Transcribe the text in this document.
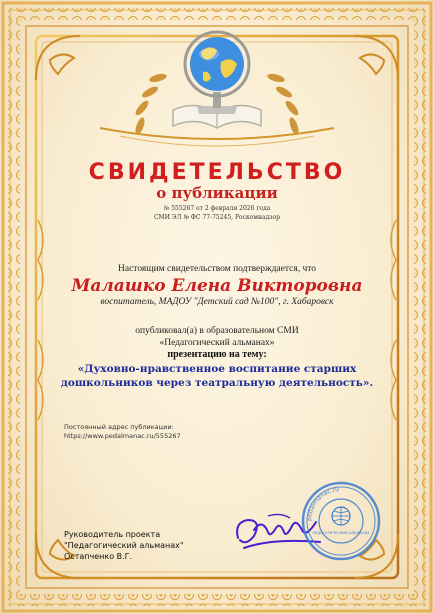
СВИДЕТЕЛЬСТВО
о публикации
№ 555267 от 2 февраля 2026 года
СМИ ЭЛ № ФС 77-75245, Роскомнадзор
Настоящим свидетельством подтверждается, что
Малашко Елена Викторовна
воспитатель, МАДОУ "Детский сад №100", г. Хабаровск
опубликовал(а) в образовательном СМИ
«Педагогический альманах»
презентацию на тему:
«Духовно-нравственное воспитание старших
дошкольников через театральную деятельность».
Постоянный адрес публикации:
https://www.pedalmanac.ru/555267
Руководитель проекта
"Педагогический альманах"
Остапченко В.Г.
pedalmanac.ru
ПЕДАГОГИЧЕСКИЙ АЛЬМАНАХ
